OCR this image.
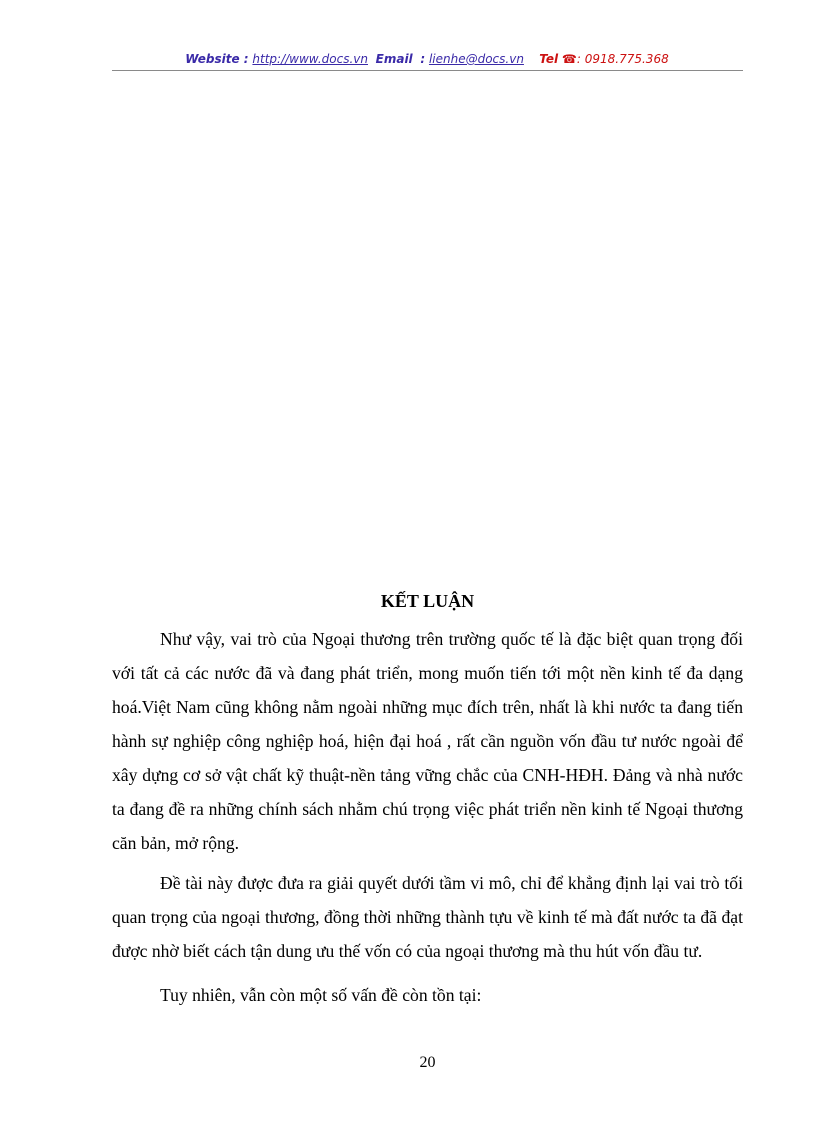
Website : http://www.docs.vn Email : lienhe@docs.vn Tel ☎: 0918.775.368
KẾT LUẬN

Như vậy, vai trò của Ngoại thương trên trường quốc tế là đặc biệt quan trọng đối với tất cả các nước đã và đang phát triển, mong muốn tiến tới một nền kinh tế đa dạng hoá.Việt Nam cũng không nằm ngoài những mục đích trên, nhất là khi nước ta đang tiến hành sự nghiệp công nghiệp hoá, hiện đại hoá , rất cần nguồn vốn đầu tư nước ngoài để xây dựng cơ sở vật chất kỹ thuật-nền tảng vững chắc của CNH-HĐH. Đảng và nhà nước ta đang đề ra những chính sách nhằm chú trọng việc phát triển nền kinh tế Ngoại thương căn bản, mở rộng.

Đề tài này được đưa ra giải quyết dưới tầm vi mô, chỉ để khẳng định lại vai trò tối quan trọng của ngoại thương, đồng thời những thành tựu về kinh tế mà đất nước ta đã đạt được nhờ biết cách tận dung ưu thế vốn có của ngoại thương mà thu hút vốn đầu tư.

Tuy nhiên, vẫn còn một số vấn đề còn tồn tại:

20
